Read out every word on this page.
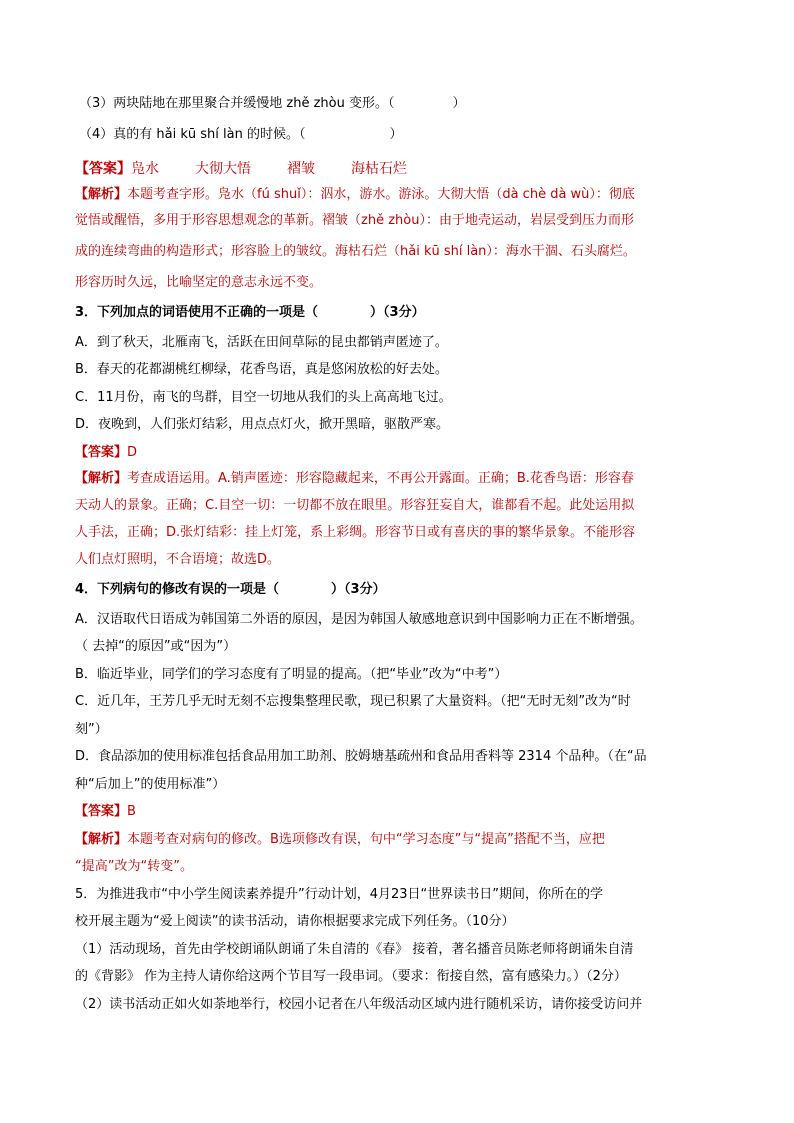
（3）两块陆地在那里聚合并缓慢地 zhě zhòu 变形。（	）
（4）真的有 hǎi kū shí làn 的时候。（	）
【答案】凫水	大彻大悟	褶皱	海枯石烂
【解析】本题考查字形。凫水（fú shuǐ）：泅水，游水。游泳。大彻大悟（dà chè dà wù）：彻底
觉悟或醒悟，多用于形容思想观念的革新。褶皱（zhě zhòu）：由于地壳运动，岩层受到压力而形
成的连续弯曲的构造形式；形容脸上的皱纹。海枯石烂（hǎi kū shí làn）：海水干涸、石头腐烂。
形容历时久远，比喻坚定的意志永远不变。
3．下列加点的词语使用不正确的一项是（	）（3分）
A．到了秋天，北雁南飞，活跃在田间草际的昆虫都销声匿迹了。
B．春天的花都湖桃红柳绿，花香鸟语，真是悠闲放松的好去处。
C．11月份，南飞的鸟群，目空一切地从我们的头上高高地飞过。
D．夜晚到，人们张灯结彩，用点点灯火，掀开黑暗，驱散严寒。
【答案】D
【解析】考查成语运用。A.销声匿迹：形容隐藏起来，不再公开露面。正确；B.花香鸟语：形容春
天动人的景象。正确；C.目空一切：一切都不放在眼里。形容狂妄自大，谁都看不起。此处运用拟
人手法，正确；D.张灯结彩：挂上灯笼，系上彩绸。形容节日或有喜庆的事的繁华景象。不能形容
人们点灯照明，不合语境；故选D。
4．下列病句的修改有误的一项是（	）（3分）
A．汉语取代日语成为韩国第二外语的原因，是因为韩国人敏感地意识到中国影响力正在不断增强。
（ 去掉“的原因”或“因为”）
B．临近毕业，同学们的学习态度有了明显的提高。（把“毕业”改为“中考”）
C．近几年，王芳几乎无时无刻不忘搜集整理民歌，现已积累了大量资料。（把“无时无刻”改为“时
刻”）
D．食品添加的使用标准包括食品用加工助剂、胶姆塘基疏州和食品用香料等 2314 个品种。（在“品
种“后加上”的使用标准”）
【答案】B
【解析】本题考查对病句的修改。B选项修改有误，句中“学习态度”与“提高”搭配不当，应把
“提高”改为“转变”。
5．为推进我市“中小学生阅读素养提升”行动计划，4月23日“世界读书日”期间，你所在的学
校开展主题为“爱上阅读”的读书活动，请你根据要求完成下列任务。（10分）
（1）活动现场，首先由学校朗诵队朗诵了朱自清的《春》 接着，著名播音员陈老师将朗诵朱自清
的《背影》 作为主持人请你给这两个节目写一段串词。（要求：衔接自然，富有感染力。）（2分）
（2）读书活动正如火如荼地举行，校园小记者在八年级活动区域内进行随机采访，请你接受访问并
